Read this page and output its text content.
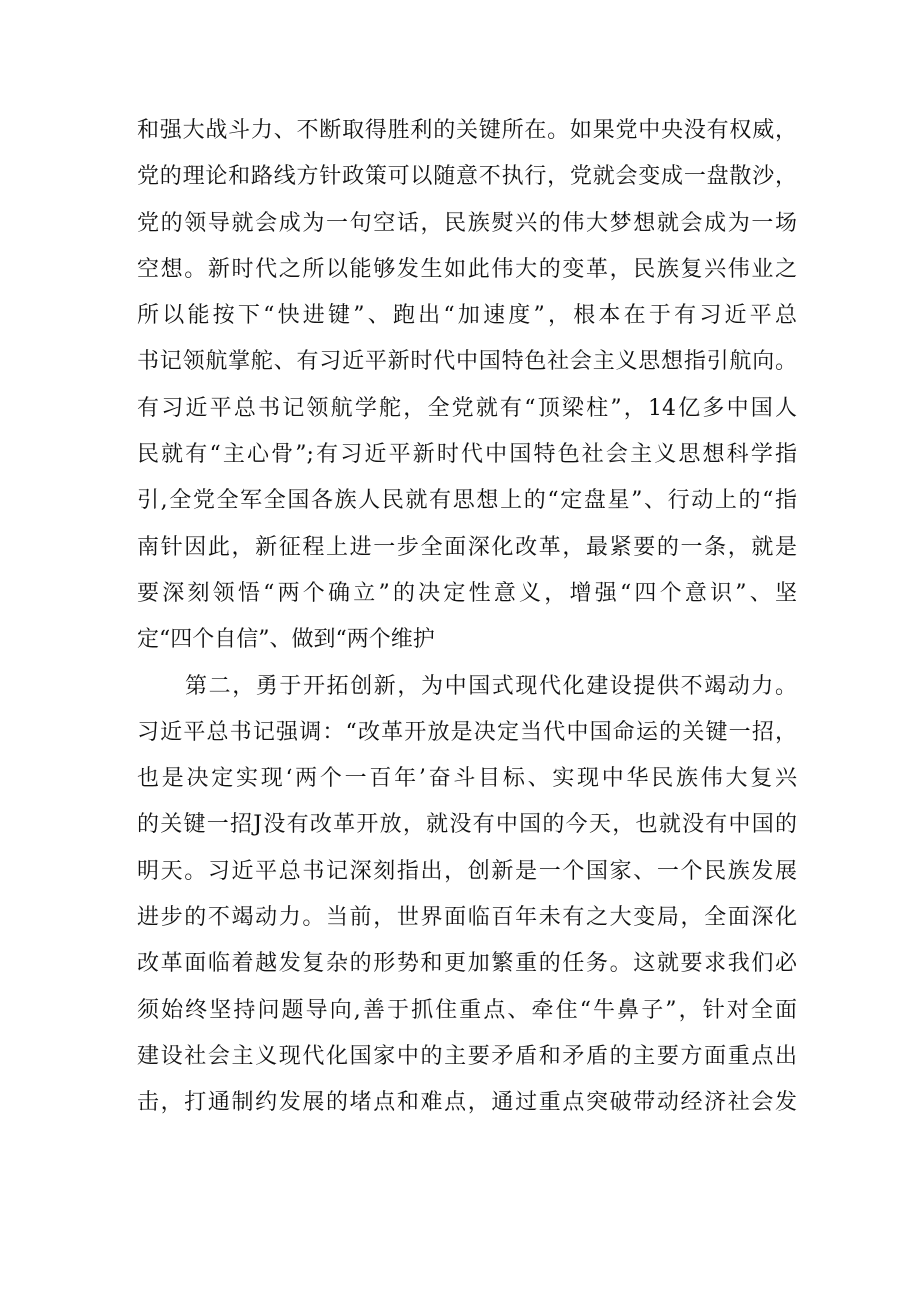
和强大战斗力、不断取得胜利的关键所在。如果党中央没有权威，
党的理论和路线方针政策可以随意不执行，党就会变成一盘散沙，
党的领导就会成为一句空话，民族熨兴的伟大梦想就会成为一场
空想。新时代之所以能够发生如此伟大的变革，民族复兴伟业之
所以能按下“快进键”、跑出“加速度”，根本在于有习近平总
书记领航掌舵、有习近平新时代中国特色社会主义思想指引航向。
有习近平总书记领航学舵，全党就有“顶梁柱”，14亿多中国人
民就有“主心骨”;有习近平新时代中国特色社会主义思想科学指
引,全党全军全国各族人民就有思想上的“定盘星”、行动上的“指
南针因此，新征程上进一步全面深化改革，最紧要的一条，就是
要深刻领悟“两个确立”的决定性意义，增强“四个意识”、坚
定“四个自信”、做到“两个维护
第二，勇于开拓创新，为中国式现代化建设提供不竭动力。
习近平总书记强调：“改革开放是决定当代中国命运的关键一招，
也是决定实现‘两个一百年’奋斗目标、实现中华民族伟大复兴
的关键一招J没有改革开放，就没有中国的今天，也就没有中国的
明天。习近平总书记深刻指出，创新是一个国家、一个民族发展
进步的不竭动力。当前，世界面临百年未有之大变局，全面深化
改革面临着越发复杂的形势和更加繁重的任务。这就要求我们必
须始终坚持问题导向,善于抓住重点、牵住“牛鼻子”，针对全面
建设社会主义现代化国家中的主要矛盾和矛盾的主要方面重点出
击，打通制约发展的堵点和难点，通过重点突破带动经济社会发
